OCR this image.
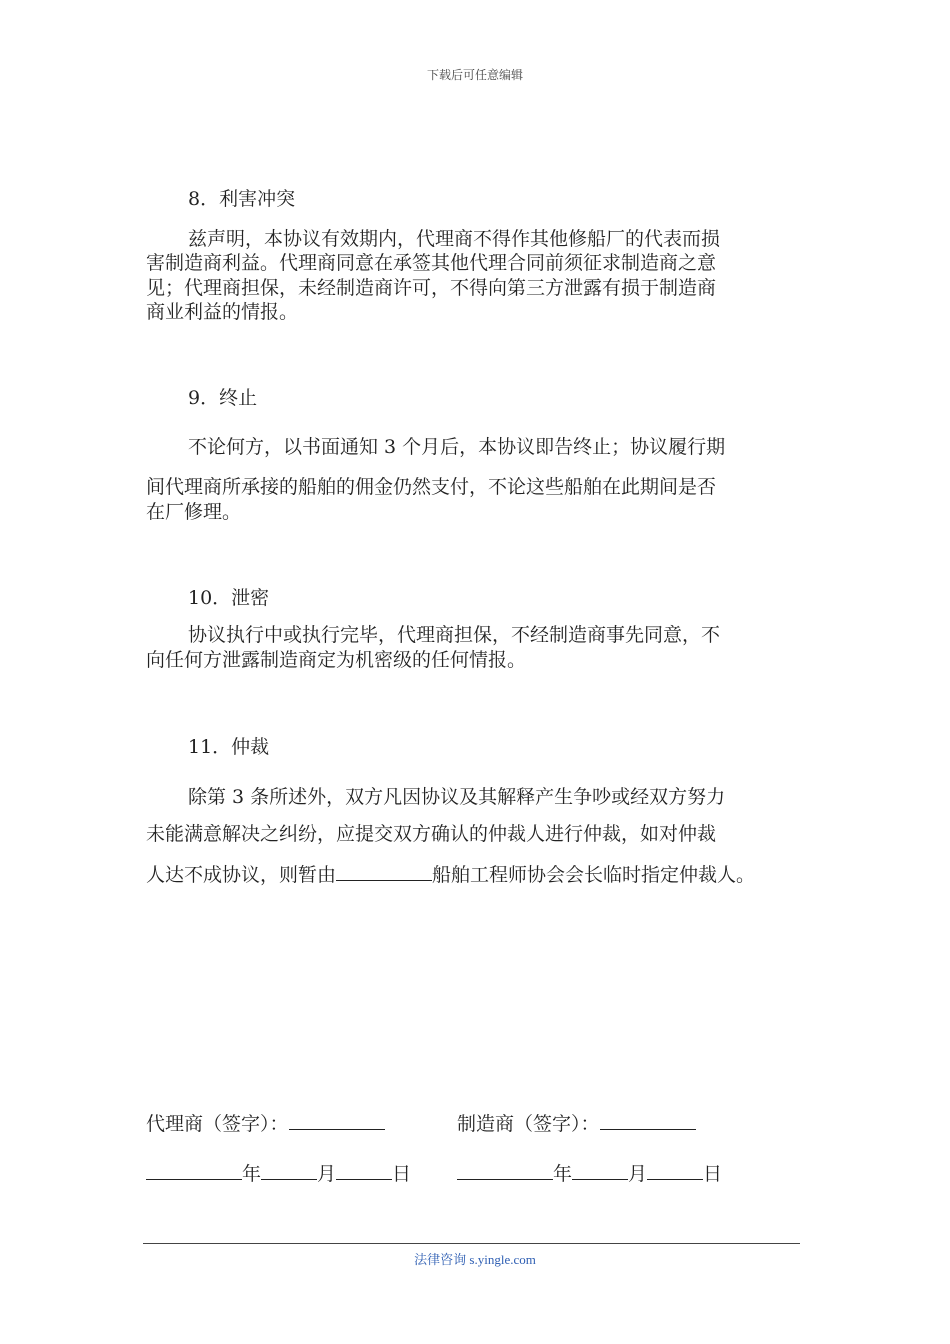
下载后可任意编辑
8．利害冲突
兹声明，本协议有效期内，代理商不得作其他修船厂的代表而损
害制造商利益。代理商同意在承签其他代理合同前须征求制造商之意
见；代理商担保，未经制造商许可，不得向第三方泄露有损于制造商
商业利益的情报。
9．终止
不论何方，以书面通知 3 个月后，本协议即告终止；协议履行期
间代理商所承接的船舶的佣金仍然支付，不论这些船舶在此期间是否
在厂修理。
10．泄密
协议执行中或执行完毕，代理商担保，不经制造商事先同意，不
向任何方泄露制造商定为机密级的任何情报。
11．仲裁
除第 3 条所述外，双方凡因协议及其解释产生争吵或经双方努力
未能满意解决之纠纷，应提交双方确认的仲裁人进行仲裁，如对仲裁
人达不成协议，则暂由	船舶工程师协会会长临时指定仲裁人。
代理商（签字）：	制造商（签字）：
年	月	日	年	月	日
法律咨询 s.yingle.com
